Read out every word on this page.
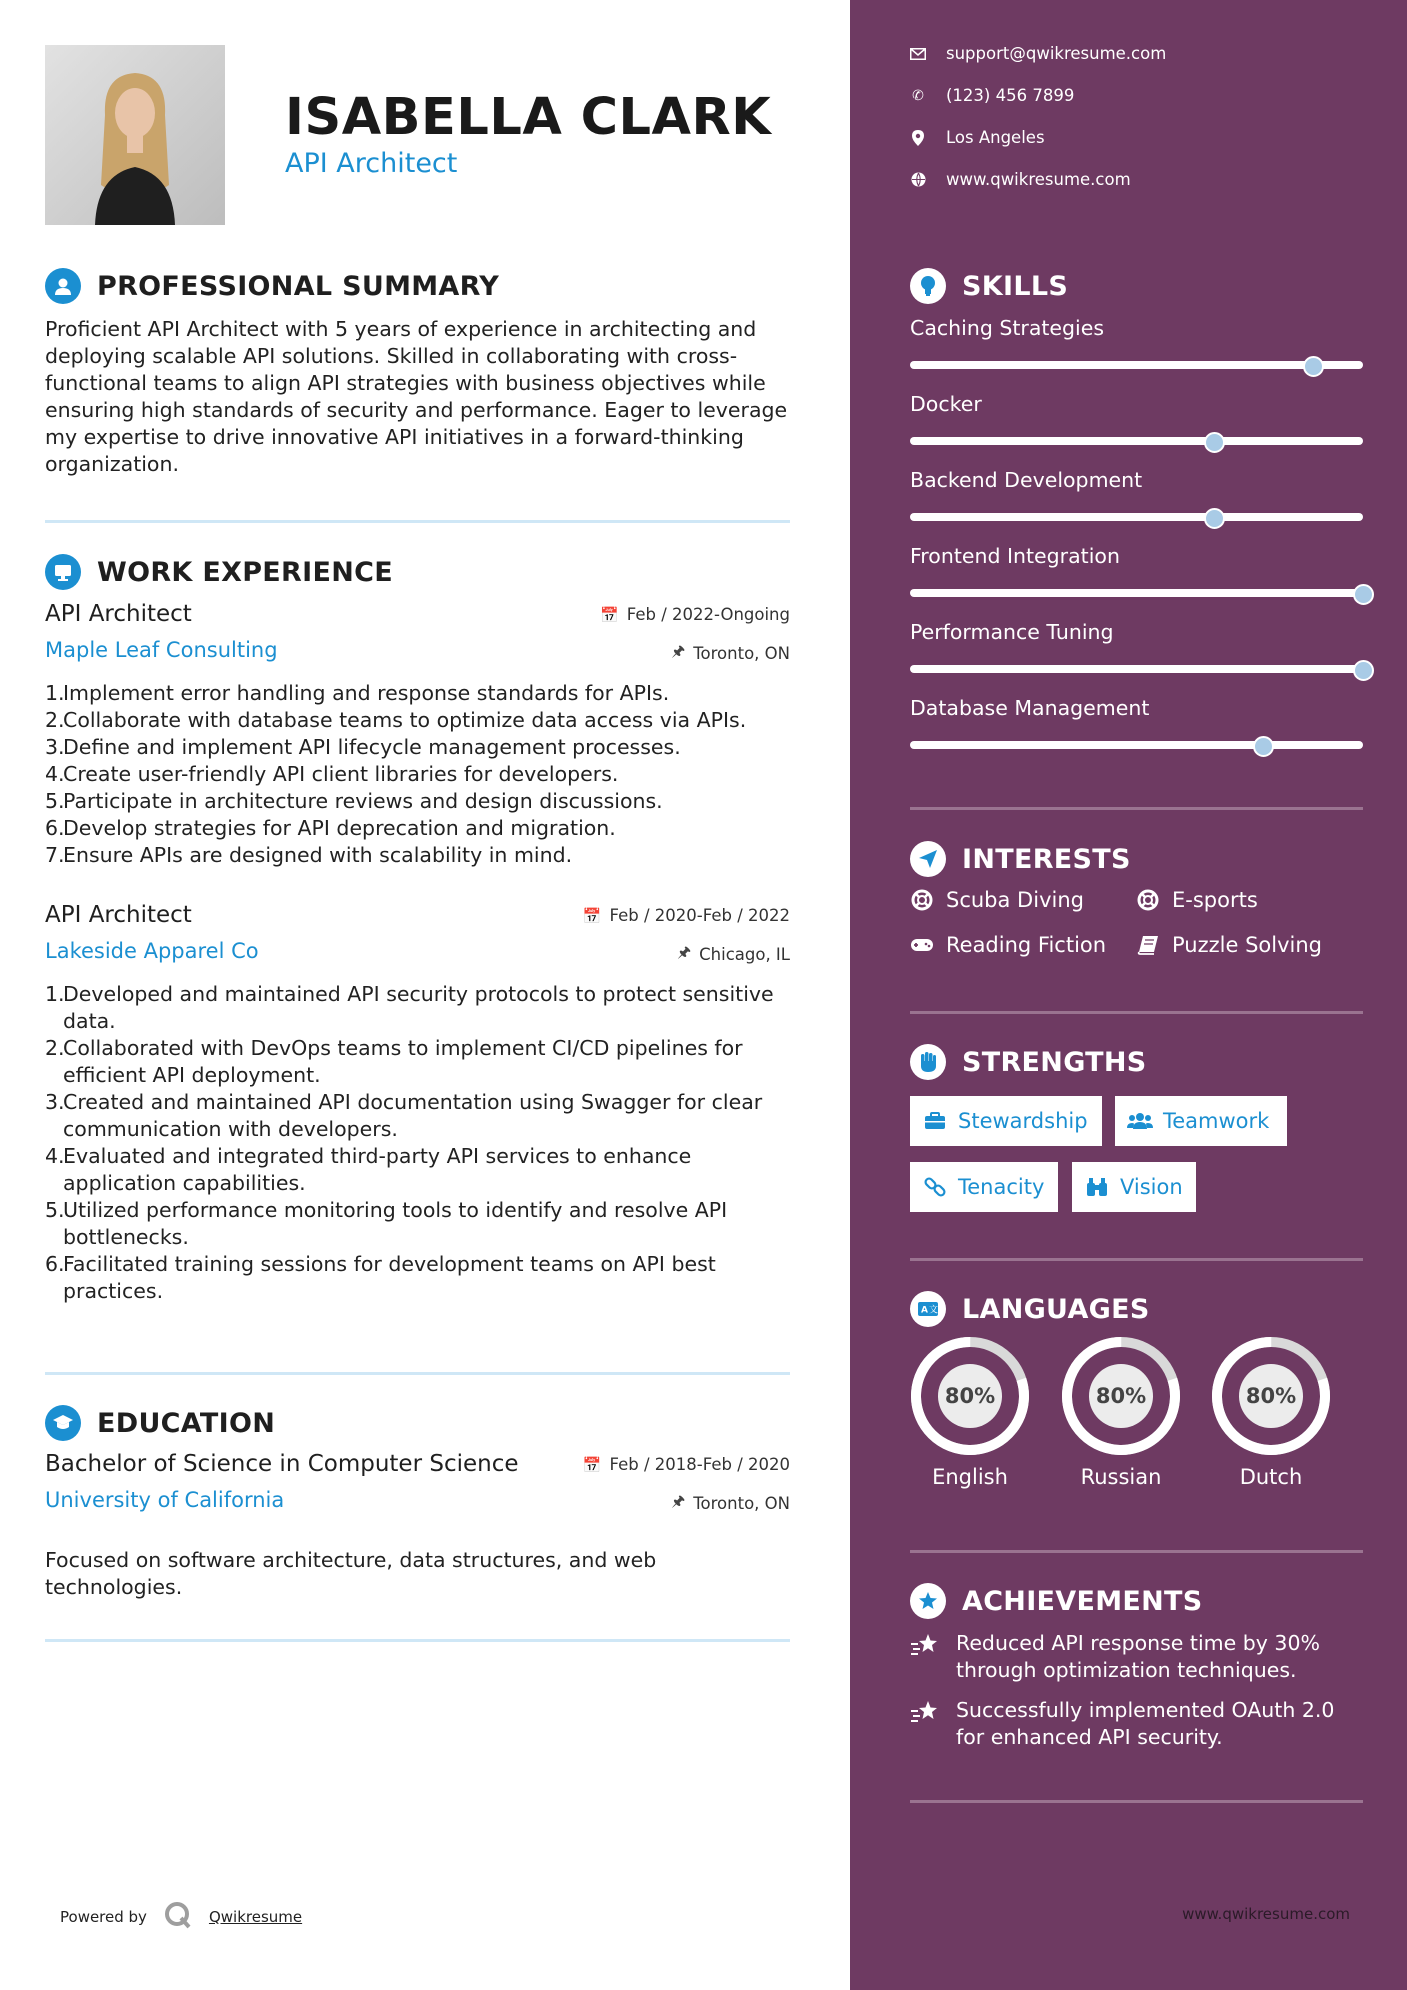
ISABELLA CLARK
API Architect
PROFESSIONAL SUMMARY
Proficient API Architect with 5 years of experience in architecting and deploying scalable API solutions. Skilled in collaborating with cross-functional teams to align API strategies with business objectives while ensuring high standards of security and performance. Eager to leverage my expertise to drive innovative API initiatives in a forward-thinking organization.
WORK EXPERIENCE
API Architect	📅 Feb / 2022-Ongoing
Maple Leaf Consulting	🖈 Toronto, ON
1.
Implement error handling and response standards for APIs.
2.
Collaborate with database teams to optimize data access via APIs.
3.
Define and implement API lifecycle management processes.
4.
Create user-friendly API client libraries for developers.
5.
Participate in architecture reviews and design discussions.
6.
Develop strategies for API deprecation and migration.
7.
Ensure APIs are designed with scalability in mind.
API Architect	📅 Feb / 2020-Feb / 2022
Lakeside Apparel Co	🖈 Chicago, IL
1.
Developed and maintained API security protocols to protect sensitive data.
2.
Collaborated with DevOps teams to implement CI/CD pipelines for efficient API deployment.
3.
Created and maintained API documentation using Swagger for clear communication with developers.
4.
Evaluated and integrated third-party API services to enhance application capabilities.
5.
Utilized performance monitoring tools to identify and resolve API bottlenecks.
6.
Facilitated training sessions for development teams on API best practices.
EDUCATION
Bachelor of Science in Computer Science	📅 Feb / 2018-Feb / 2020
University of California	🖈 Toronto, ON
Focused on software architecture, data structures, and web technologies.
Powered by	Qwikresume
support@qwikresume.com
✆ (123) 456 7899
Los Angeles
www.qwikresume.com
SKILLS
Caching Strategies
Docker
Backend Development
Frontend Integration
Performance Tuning
Database Management
INTERESTS
Scuba Diving	E-sports
Reading Fiction	Puzzle Solving
STRENGTHS
Stewardship	Teamwork
Tenacity	Vision
A 文 LANGUAGES
80%
English
80%
Russian
80%
Dutch
ACHIEVEMENTS
Reduced API response time by 30% through optimization techniques.
Successfully implemented OAuth 2.0 for enhanced API security.
www.qwikresume.com
